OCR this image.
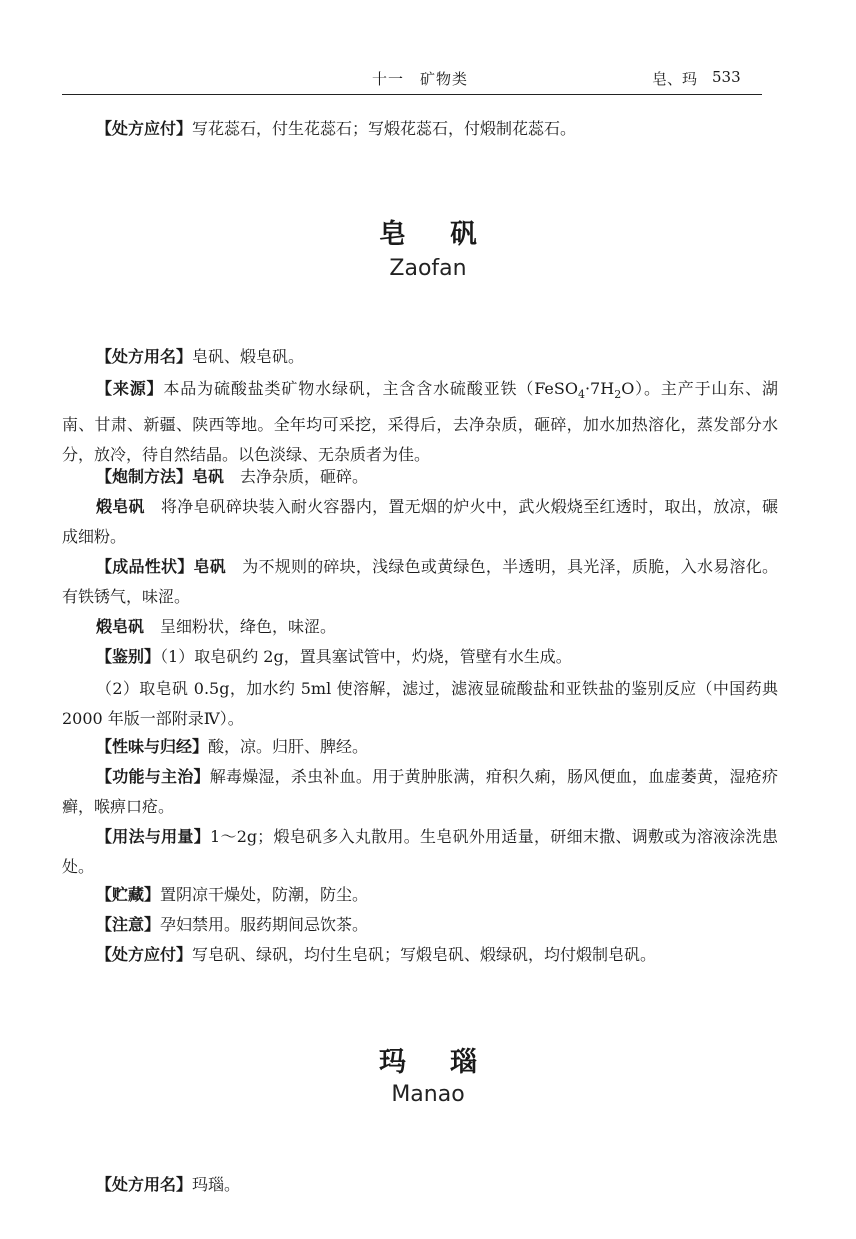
十一　矿物类	皂、玛 533

【处方应付】写花蕊石，付生花蕊石；写煅花蕊石，付煅制花蕊石。

皂矾
Zaofan

【处方用名】皂矾、煅皂矾。

【来源】本品为硫酸盐类矿物水绿矾，主含含水硫酸亚铁$(FeSO_4\cdot 7H_2O)$。主产于山东、湖南、甘肃、新疆、陕西等地。全年均可采挖，采得后，去净杂质，砸碎，加水加热溶化，蒸发部分水分，放冷，待自然结晶。以色淡绿、无杂质者为佳。

【炮制方法】皂矾　 去净杂质，砸碎。

煅皂矾　 将净皂矾碎块装入耐火容器内，置无烟的炉火中，武火煅烧至红透时，取出，放凉，碾成细粉。

【成品性状】皂矾　 为不规则的碎块，浅绿色或黄绿色，半透明，具光泽，质脆，入水易溶化。有铁锈气，味涩。

煅皂矾　 呈细粉状，绛色，味涩。

【鉴别】（1）取皂矾约 2g，置具塞试管中，灼烧，管壁有水生成。

（2）取皂矾 0.5g，加水约 5ml 使溶解，滤过，滤液显硫酸盐和亚铁盐的鉴别反应（中国药典 2000 年版一部附录Ⅳ）。

【性味与归经】酸，凉。归肝、脾经。

【功能与主治】解毒燥湿，杀虫补血。用于黄肿胀满，疳积久痢，肠风便血，血虚萎黄，湿疮疥癣，喉痹口疮。

【用法与用量】1～2g；煅皂矾多入丸散用。生皂矾外用适量，研细末撒、调敷或为溶液涂洗患处。

【贮藏】置阴凉干燥处，防潮，防尘。

【注意】孕妇禁用。服药期间忌饮茶。

【处方应付】写皂矾、绿矾，均付生皂矾；写煅皂矾、煅绿矾，均付煅制皂矾。

玛瑙
Manao

【处方用名】玛瑙。
